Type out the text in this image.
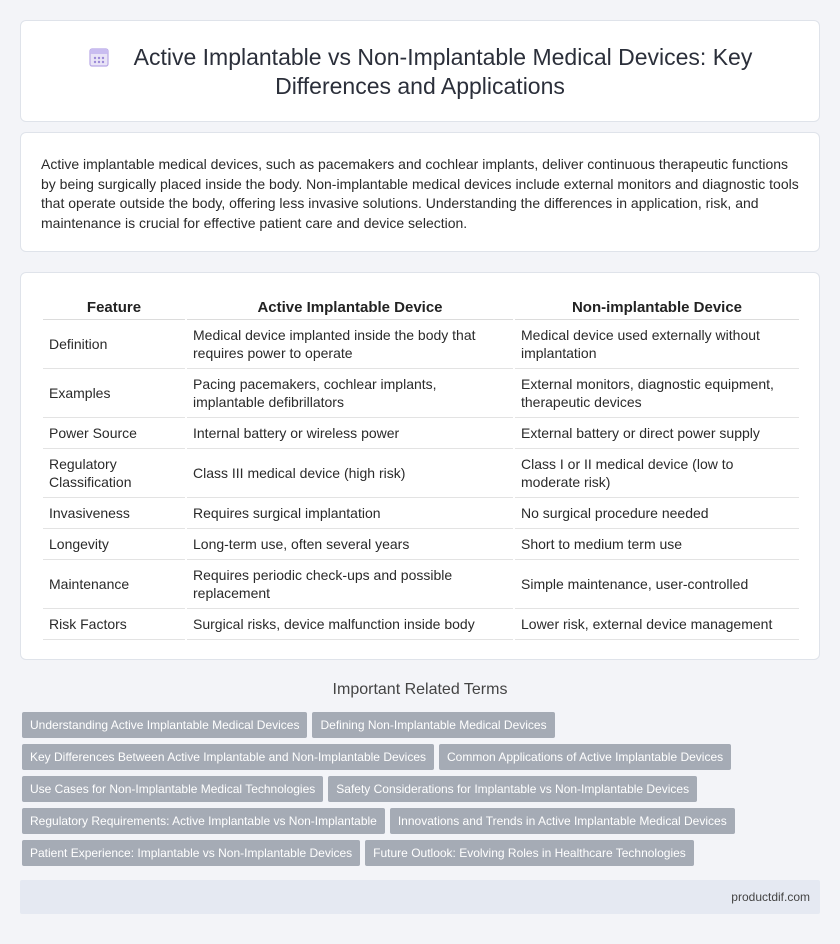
Active Implantable vs Non-Implantable Medical Devices: Key Differences and Applications

Active implantable medical devices, such as pacemakers and cochlear implants, deliver continuous therapeutic functions by being surgically placed inside the body. Non-implantable medical devices include external monitors and diagnostic tools that operate outside the body, offering less invasive solutions. Understanding the differences in application, risk, and maintenance is crucial for effective patient care and device selection.

Feature	Active Implantable Device	Non-implantable Device
Definition	Medical device implanted inside the body that requires power to operate	Medical device used externally without implantation
Examples	Pacing pacemakers, cochlear implants, implantable defibrillators	External monitors, diagnostic equipment, therapeutic devices
Power Source	Internal battery or wireless power	External battery or direct power supply
Regulatory Classification	Class III medical device (high risk)	Class I or II medical device (low to moderate risk)
Invasiveness	Requires surgical implantation	No surgical procedure needed
Longevity	Long-term use, often several years	Short to medium term use
Maintenance	Requires periodic check-ups and possible replacement	Simple maintenance, user-controlled
Risk Factors	Surgical risks, device malfunction inside body	Lower risk, external device management
Important Related Terms
Understanding Active Implantable Medical Devices Defining Non-Implantable Medical Devices
Key Differences Between Active Implantable and Non-Implantable Devices Common Applications of Active Implantable Devices
Use Cases for Non-Implantable Medical Technologies Safety Considerations for Implantable vs Non-Implantable Devices
Regulatory Requirements: Active Implantable vs Non-Implantable Innovations and Trends in Active Implantable Medical Devices
Patient Experience: Implantable vs Non-Implantable Devices Future Outlook: Evolving Roles in Healthcare Technologies
productdif.com
